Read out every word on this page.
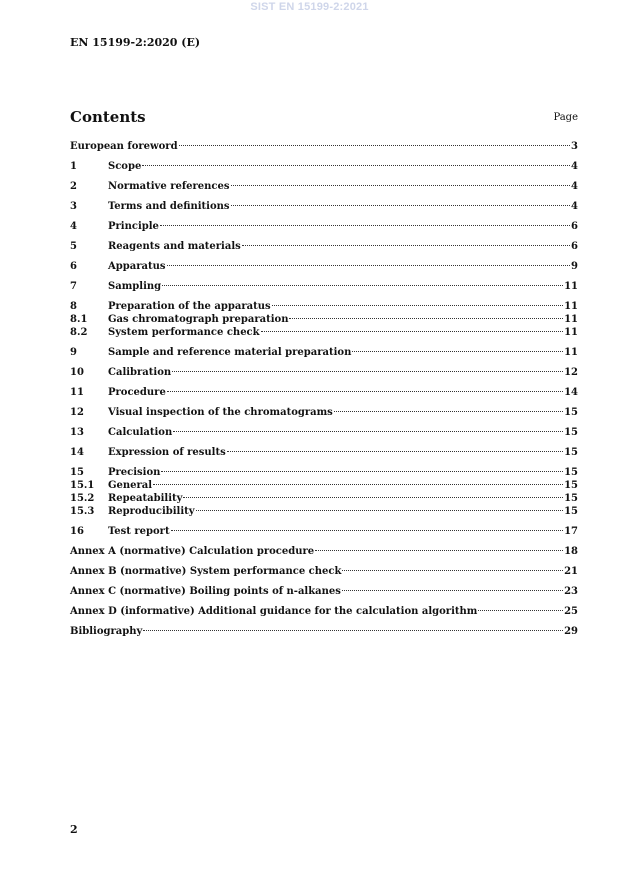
SIST EN 15199-2:2021
EN 15199-2:2020 (E)
Contents	Page
European foreword	3
1	Scope	4
2	Normative references	4
3	Terms and definitions	4
4	Principle	6
5	Reagents and materials	6
6	Apparatus	9
7	Sampling	11
8	Preparation of the apparatus	11
8.1	Gas chromatograph preparation	11
8.2	System performance check	11
9	Sample and reference material preparation	11
10	Calibration	12
11	Procedure	14
12	Visual inspection of the chromatograms	15
13	Calculation	15
14	Expression of results	15
15	Precision	15
15.1	General	15
15.2	Repeatability	15
15.3	Reproducibility	15
16	Test report	17
Annex A (normative) Calculation procedure	18
Annex B (normative) System performance check	21
Annex C (normative) Boiling points of n-alkanes	23
Annex D (informative) Additional guidance for the calculation algorithm	25
Bibliography	29
2
